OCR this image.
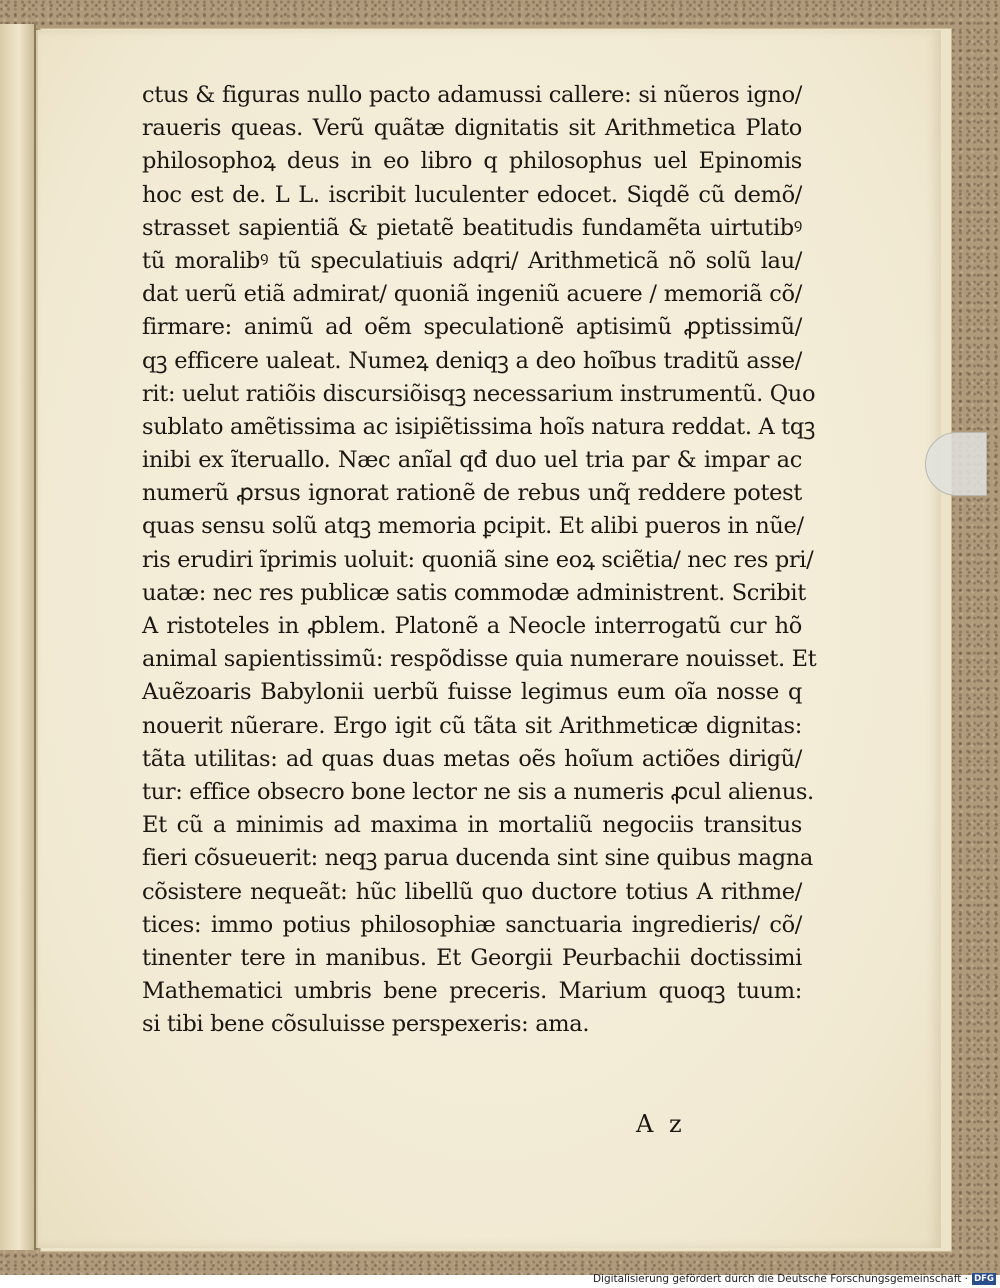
ctus & figuras nullo pacto adamussi callere: si nũeros igno/
raueris queas. Verũ quãtæ dignitatis sit Arithmetica Plato
philosophoꝝ deus in eo libro q philosophus uel Epinomis
hoc est de. L L. iscribit luculenter edocet. Siqdẽ cũ demõ/
strasset sapientiã & pietatẽ beatitudis fundamẽta uirtutibꝰ
tũ moralibꝰ tũ speculatiuis adqri/ Arithmeticã nõ solũ lau/
dat uerũ etiã admirat/ quoniã ingeniũ acuere / memoriã cõ/
firmare: animũ ad oẽm speculationẽ aptisimũ ꝓptissimũ/
qꝫ efficere ualeat. Numeꝝ deniqꝫ a deo hoĩbus traditũ asse/
rit: uelut ratiõis discursiõisqꝫ necessarium instrumentũ. Quo
sublato amẽtissima ac isipiẽtissima hoĩs natura reddat. A tqꝫ
inibi ex ĩteruallo. Næc anĩal qđ duo uel tria par & impar ac
numerũ ꝓrsus ignorat rationẽ de rebus unq̃ reddere potest
quas sensu solũ atqꝫ memoria ꝑcipit. Et alibi pueros in nũe/
ris erudiri ĩprimis uoluit: quoniã sine eoꝝ sciẽtia/ nec res pri/
uatæ: nec res publicæ satis commodæ administrent. Scribit
A ristoteles in ꝓblem. Platonẽ a Neocle interrogatũ cur hõ
animal sapientissimũ: respõdisse quia numerare nouisset. Et
Auẽzoaris Babylonii uerbũ fuisse legimus eum oĩa nosse q
nouerit nũerare. Ergo igit cũ tãta sit Arithmeticæ dignitas:
tãta utilitas: ad quas duas metas oẽs hoĩum actiões dirigũ/
tur: effice obsecro bone lector ne sis a numeris ꝓcul alienus.
Et cũ a minimis ad maxima in mortaliũ negociis transitus
fieri cõsueuerit: neqꝫ parua ducenda sint sine quibus magna
cõsistere nequeãt: hũc libellũ quo ductore totius A rithme/
tices: immo potius philosophiæ sanctuaria ingredieris/ cõ/
tinenter tere in manibus. Et Georgii Peurbachii doctissimi
Mathematici umbris bene preceris. Marium quoqꝫ tuum:
si tibi bene cõsuluisse perspexeris: ama.
A z
Digitalisierung gefördert durch die Deutsche Forschungsgemeinschaft · DFG
